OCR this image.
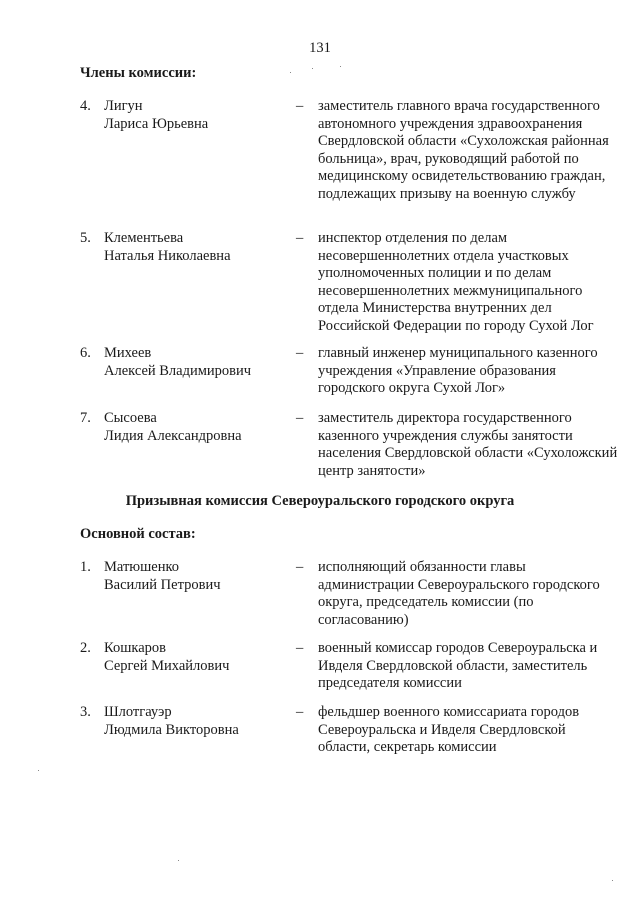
131
Члены комиссии:
4. Лигун
Лариса Юрьевна
– заместитель главного врача государственного автономного учреждения здравоохранения Свердловской области «Сухоложская районная больница», врач, руководящий работой по медицинскому освидетельствованию граждан, подлежащих призыву на военную службу
5. Клементьева
Наталья Николаевна
– инспектор отделения по делам несовершеннолетних отдела участковых уполномоченных полиции и по делам несовершеннолетних межмуниципального отдела Министерства внутренних дел Российской Федерации по городу Сухой Лог
6. Михеев
Алексей Владимирович
– главный инженер муниципального казенного учреждения «Управление образования городского округа Сухой Лог»
7. Сысоева
Лидия Александровна
– заместитель директора государственного казенного учреждения службы занятости населения Свердловской области «Сухоложский центр занятости»
Призывная комиссия Североуральского городского округа
Основной состав:
1. Матюшенко
Василий Петрович
– исполняющий обязанности главы администрации Североуральского городского округа, председатель комиссии (по согласованию)
2. Кошкаров
Сергей Михайлович
– военный комиссар городов Североуральска и Ивделя Свердловской области, заместитель председателя комиссии
3. Шлотгауэр
Людмила Викторовна
– фельдшер военного комиссариата городов Североуральска и Ивделя Свердловской области, секретарь комиссии
